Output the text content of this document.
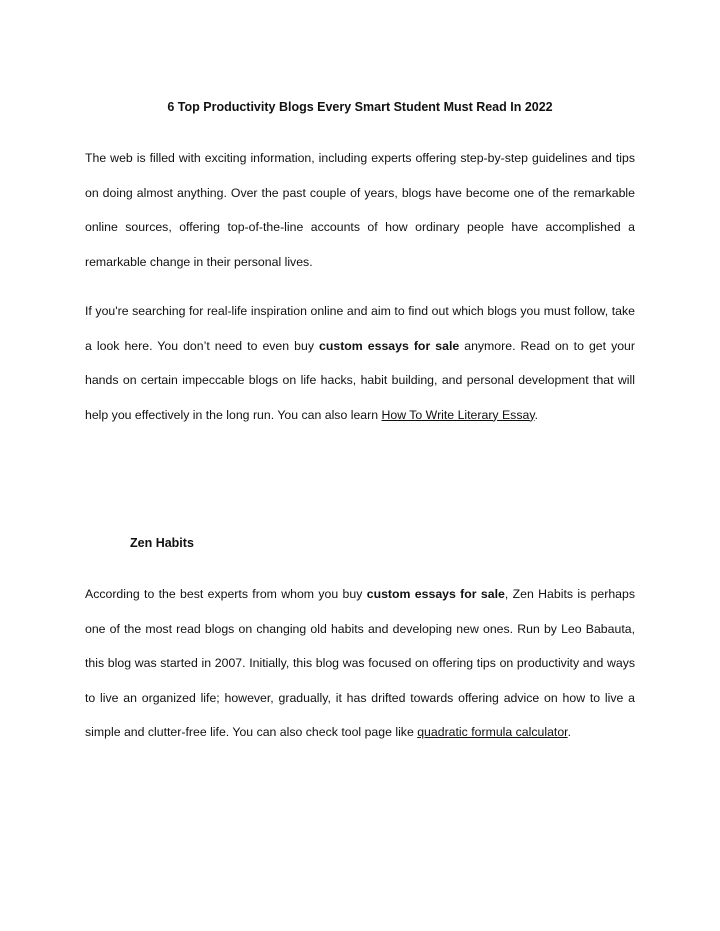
6 Top Productivity Blogs Every Smart Student Must Read In 2022

The web is filled with exciting information, including experts offering step-by-step guidelines and tips on doing almost anything. Over the past couple of years, blogs have become one of the remarkable online sources, offering top-of-the-line accounts of how ordinary people have accomplished a remarkable change in their personal lives.

If you're searching for real-life inspiration online and aim to find out which blogs you must follow, take a look here. You don’t need to even buy custom essays for sale anymore. Read on to get your hands on certain impeccable blogs on life hacks, habit building, and personal development that will help you effectively in the long run. You can also learn How To Write Literary Essay.

Zen Habits

According to the best experts from whom you buy custom essays for sale, Zen Habits is perhaps one of the most read blogs on changing old habits and developing new ones. Run by Leo Babauta, this blog was started in 2007. Initially, this blog was focused on offering tips on productivity and ways to live an organized life; however, gradually, it has drifted towards offering advice on how to live a simple and clutter-free life. You can also check tool page like quadratic formula calculator.
